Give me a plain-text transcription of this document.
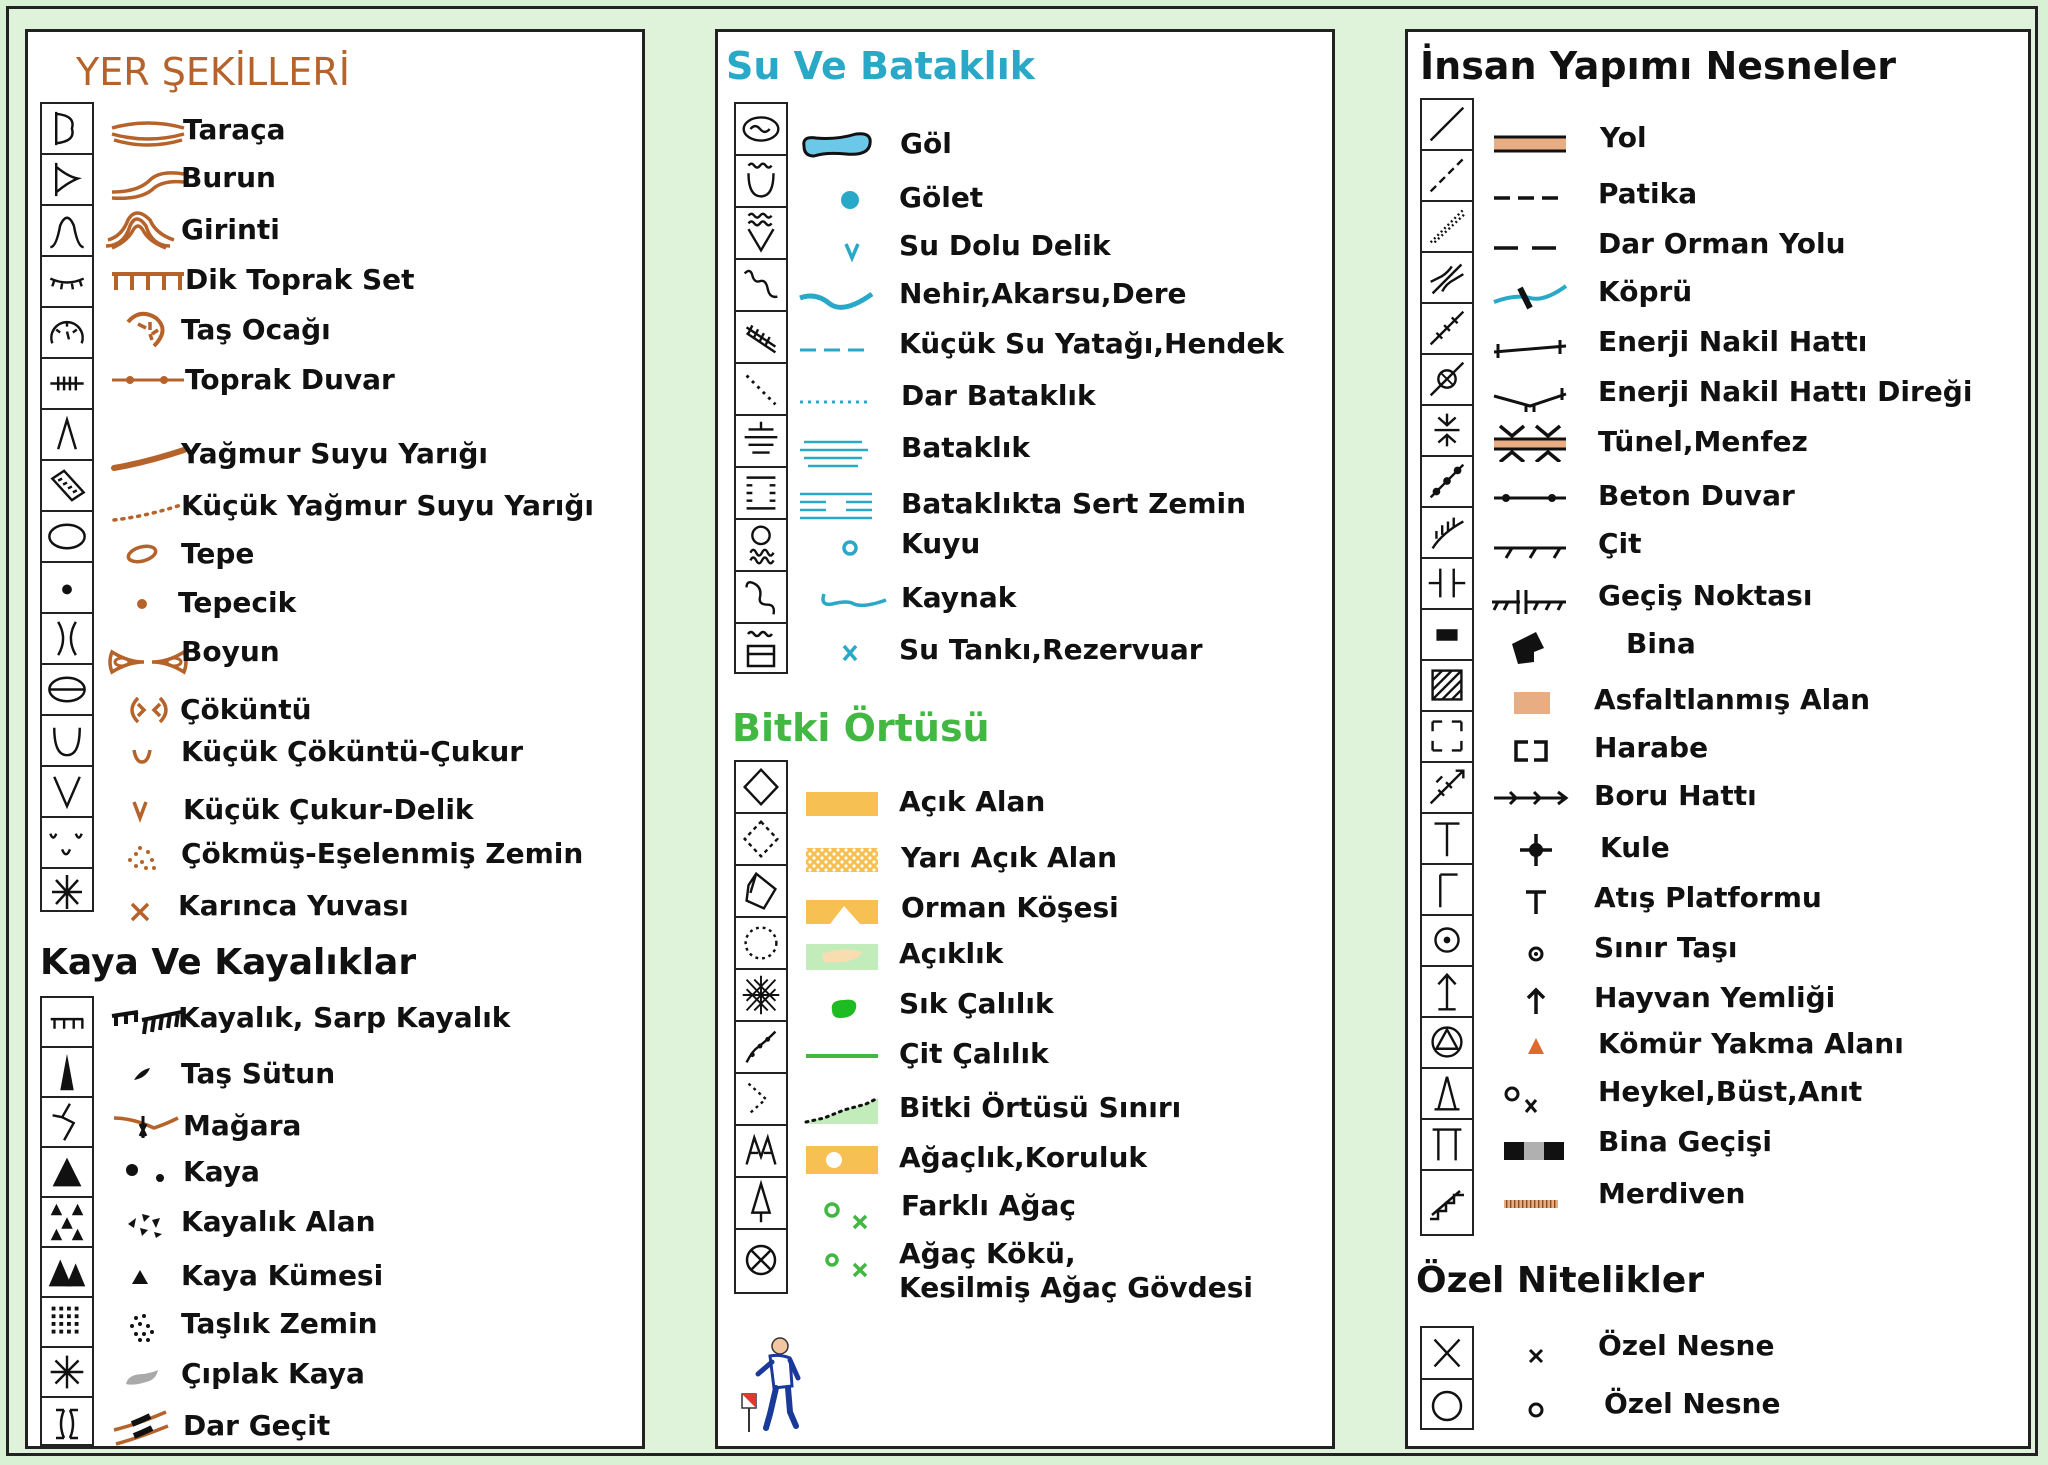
YER ŞEKİLLERİ
Taraça
Burun
Girinti
Dik Toprak Set
Taş Ocağı
Toprak Duvar
Yağmur Suyu Yarığı
Küçük Yağmur Suyu Yarığı
Tepe
Tepecik
Boyun
Çöküntü
Küçük Çöküntü-Çukur
Küçük Çukur-Delik
Çökmüş-Eşelenmiş Zemin
Karınca Yuvası
Kaya Ve Kayalıklar
Kayalık, Sarp Kayalık
Taş Sütun
Mağara
Kaya
Kayalık Alan
Kaya Kümesi
Taşlık Zemin
Çıplak Kaya
Dar Geçit
Su Ve Bataklık
Göl
Gölet
Su Dolu Delik
Nehir,Akarsu,Dere
Küçük Su Yatağı,Hendek
Dar Bataklık
Bataklık
Bataklıkta Sert Zemin
Kuyu
Kaynak
Su Tankı,Rezervuar
Bitki Örtüsü
Açık Alan
Yarı Açık Alan
Orman Köşesi
Açıklık
Sık Çalılık
Çit Çalılık
Bitki Örtüsü Sınırı
Ağaçlık,Koruluk
Farklı Ağaç
Ağaç Kökü,
Kesilmiş Ağaç Gövdesi
İnsan Yapımı Nesneler
Yol
Patika
Dar Orman Yolu
Köprü
Enerji Nakil Hattı
Enerji Nakil Hattı Direği
Tünel,Menfez
Beton Duvar
Çit
Geçiş Noktası
Bina
Asfaltlanmış Alan
Harabe
Boru Hattı
Kule
Atış Platformu
Sınır Taşı
Hayvan Yemliği
Kömür Yakma Alanı
Heykel,Büst,Anıt
Bina Geçişi
Merdiven
Özel Nitelikler
Özel Nesne
Özel Nesne
